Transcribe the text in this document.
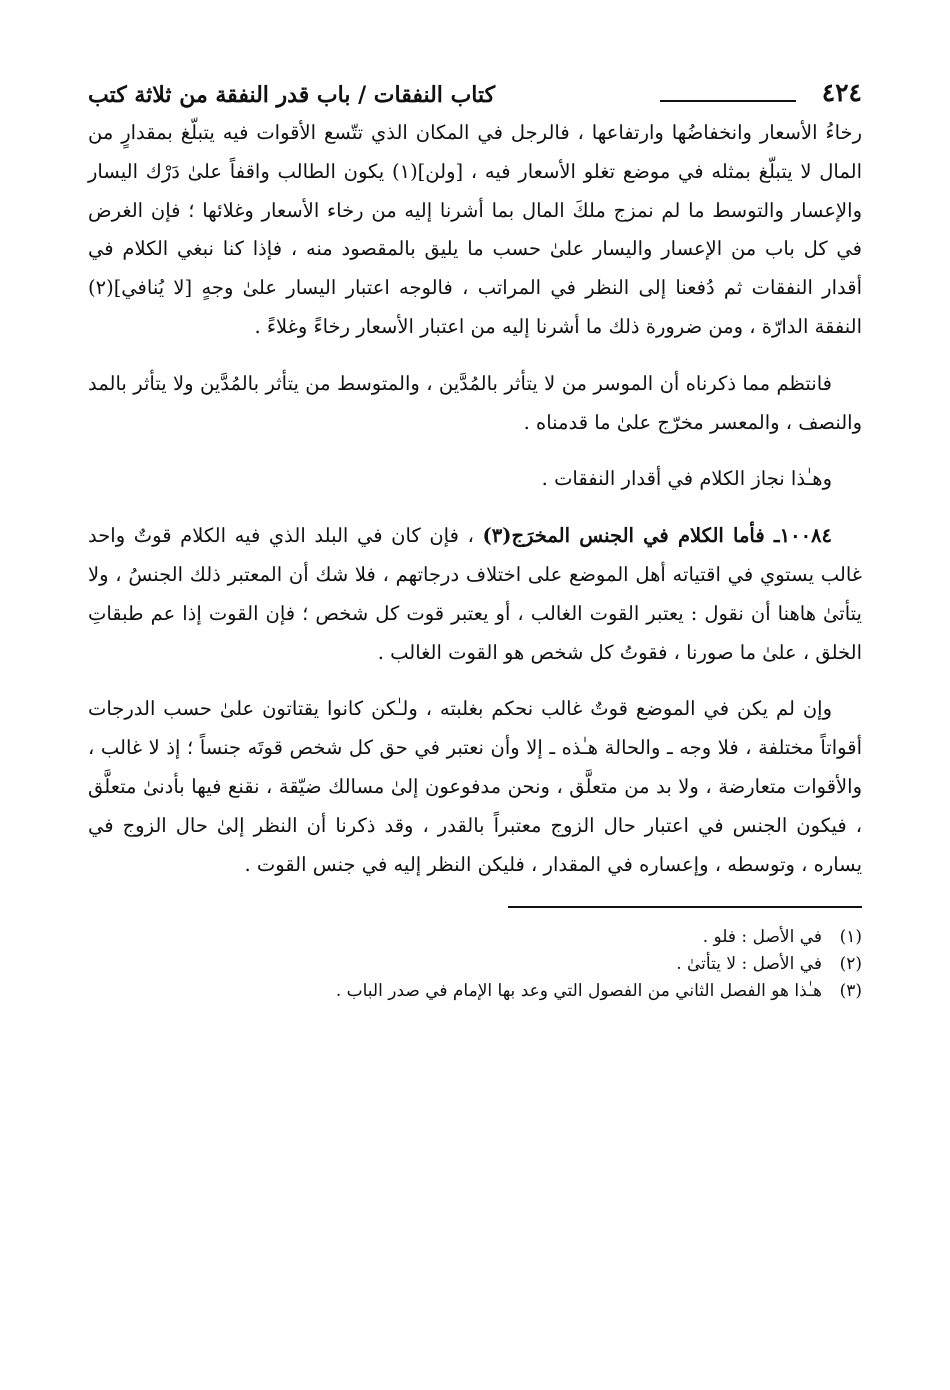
٤٢٤
كتاب النفقات / باب قدر النفقة من ثلاثة كتب

رخاءُ الأسعار وانخفاضُها وارتفاعها ، فالرجل في المكان الذي تتّسع الأقوات فيه يتبلّغ بمقدارٍ من المال لا يتبلّغ بمثله في موضع تغلو الأسعار فيه ، [ولن](١) يكون الطالب واقفاً علىٰ دَرْك اليسار والإعسار والتوسط ما لم نمزج ملكَ المال بما أشرنا إليه من رخاء الأسعار وغلائها ؛ فإن الغرض في كل باب من الإعسار واليسار علىٰ حسب ما يليق بالمقصود منه ، فإذا كنا نبغي الكلام في أقدار النفقات ثم دُفعنا إلى النظر في المراتب ، فالوجه اعتبار اليسار علىٰ وجهٍ [لا يُنافي](٢) النفقة الدارّة ، ومن ضرورة ذلك ما أشرنا إليه من اعتبار الأسعار رخاءً وغلاءً .

فانتظم مما ذكرناه أن الموسر من لا يتأثر بالمُدَّين ، والمتوسط من يتأثر بالمُدَّين ولا يتأثر بالمد والنصف ، والمعسر مخرّج علىٰ ما قدمناه .

وهـٰذا نجاز الكلام في أقدار النفقات .

١٠٠٨٤ـ فأما الكلام في الجنس المخرَج(٣) ، فإن كان في البلد الذي فيه الكلام قوتٌ واحد غالب يستوي في اقتياته أهل الموضع على اختلاف درجاتهم ، فلا شك أن المعتبر ذلك الجنسُ ، ولا يتأتىٰ هاهنا أن نقول : يعتبر القوت الغالب ، أو يعتبر قوت كل شخص ؛ فإن القوت إذا عم طبقاتِ الخلق ، علىٰ ما صورنا ، فقوتُ كل شخص هو القوت الغالب .

وإن لم يكن في الموضع قوتٌ غالب نحكم بغلبته ، ولـٰكن كانوا يقتاتون علىٰ حسب الدرجات أقواتاً مختلفة ، فلا وجه ـ والحالة هـٰذه ـ إلا وأن نعتبر في حق كل شخص قوتَه جنساً ؛ إذ لا غالب ، والأقوات متعارضة ، ولا بد من متعلَّق ، ونحن مدفوعون إلىٰ مسالك ضيّقة ، نقنع فيها بأدنىٰ متعلَّق ، فيكون الجنس في اعتبار حال الزوج معتبراً بالقدر ، وقد ذكرنا أن النظر إلىٰ حال الزوج في يساره ، وتوسطه ، وإعساره في المقدار ، فليكن النظر إليه في جنس القوت .

(١)
في الأصل : فلو .
(٢)
في الأصل : لا يتأتىٰ .
(٣)
هـٰذا هو الفصل الثاني من الفصول التي وعد بها الإمام في صدر الباب .
